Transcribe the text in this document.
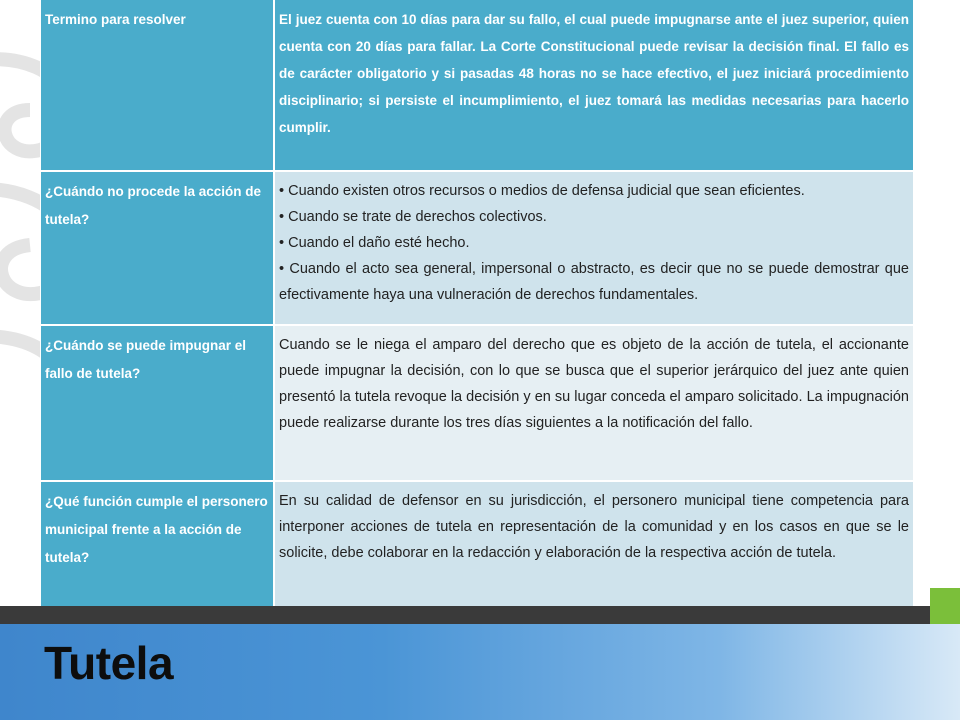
Termino para resolver	El juez cuenta con 10 días para dar su fallo, el cual puede impugnarse ante el juez superior, quien cuenta con 20 días para fallar. La Corte Constitucional puede revisar la decisión final. El fallo es de carácter obligatorio y si pasadas 48 horas no se hace efectivo, el juez iniciará procedimiento disciplinario; si persiste el incumplimiento, el juez tomará las medidas necesarias para hacerlo cumplir.
¿Cuándo no procede la acción de tutela?
• Cuando existen otros recursos o medios de defensa judicial que sean eficientes.
• Cuando se trate de derechos colectivos.
• Cuando el daño esté hecho.
• Cuando el acto sea general, impersonal o abstracto, es decir que no se puede demostrar que efectivamente haya una vulneración de derechos fundamentales.
¿Cuándo se puede impugnar el fallo de tutela?
Cuando se le niega el amparo del derecho que es objeto de la acción de tutela, el accionante puede impugnar la decisión, con lo que se busca que el superior jerárquico del juez ante quien presentó la tutela revoque la decisión y en su lugar conceda el amparo solicitado. La impugnación puede realizarse durante los tres días siguientes a la notificación del fallo.
¿Qué función cumple el personero municipal frente a la acción de tutela?
En su calidad de defensor en su jurisdicción, el personero municipal tiene competencia para interponer acciones de tutela en representación de la comunidad y en los casos en que se le solicite, debe colaborar en la redacción y elaboración de la respectiva acción de tutela.
Tutela
